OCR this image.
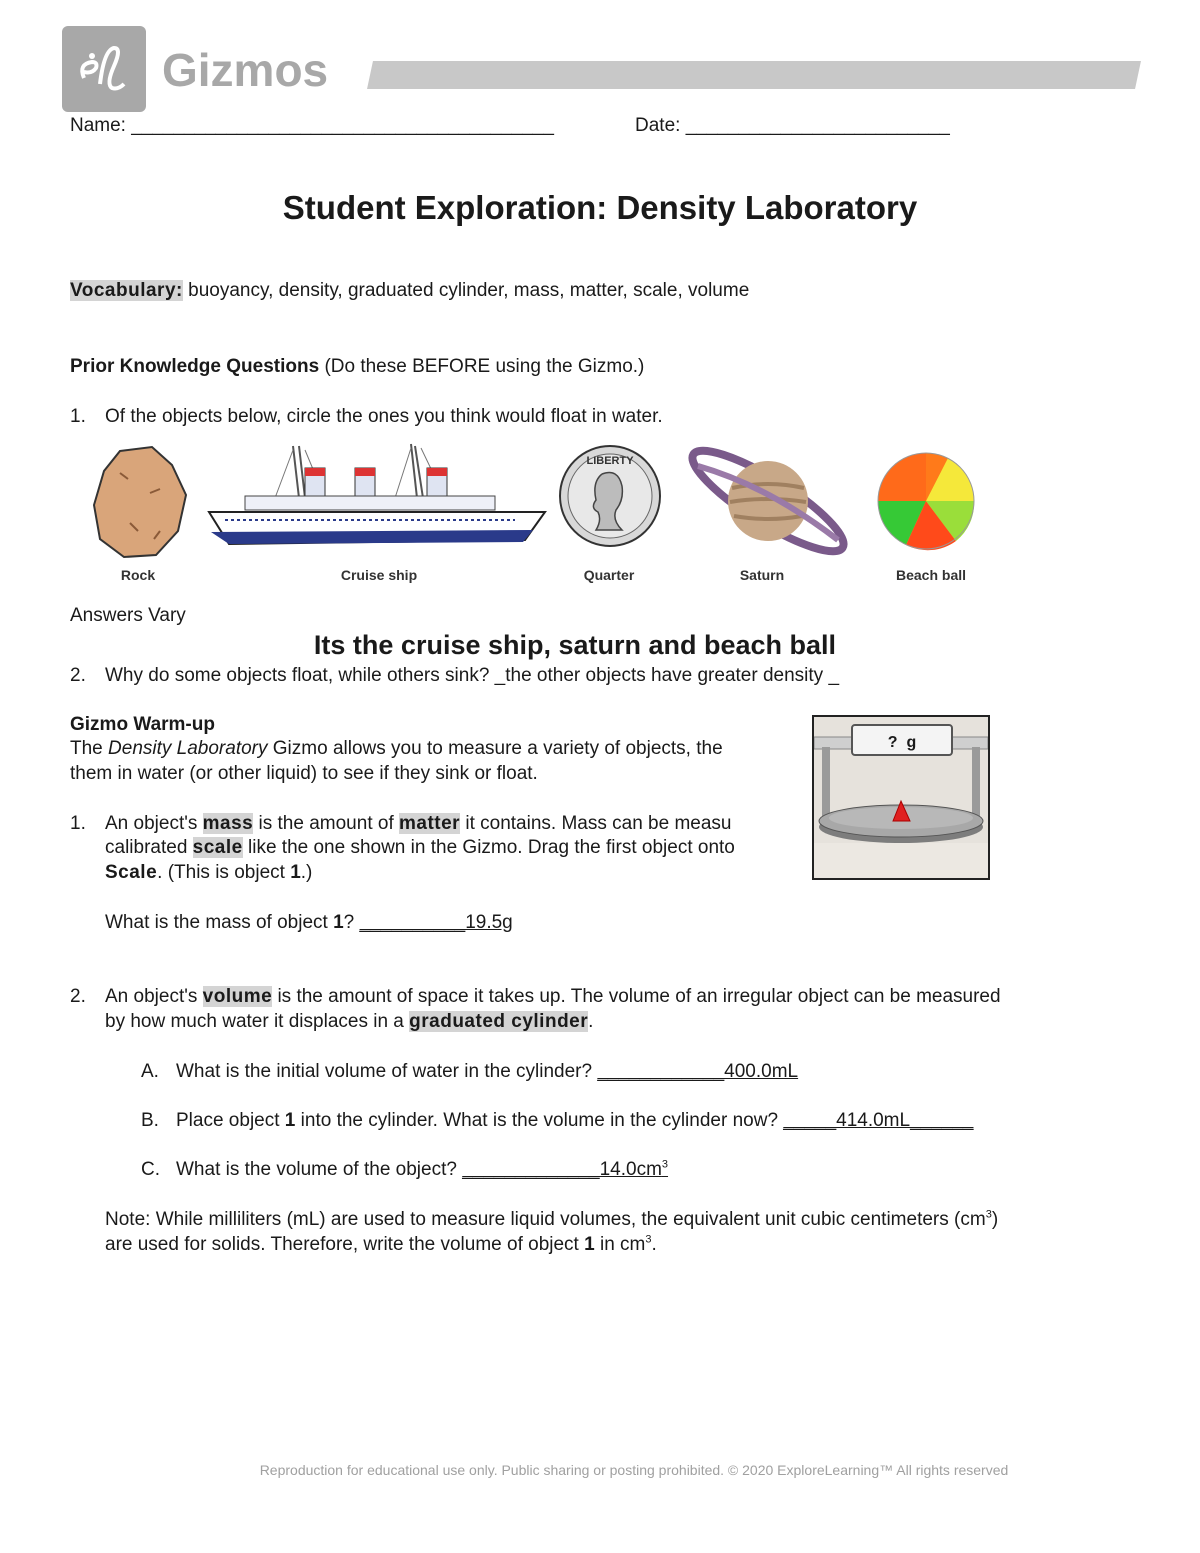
Gizmos
Name: ________________________________________	Date: _________________________
Student Exploration: Density Laboratory
Vocabulary: buoyancy, density, graduated cylinder, mass, matter, scale, volume
Prior Knowledge Questions (Do these BEFORE using the Gizmo.)
1. Of the objects below, circle the ones you think would float in water.
LIBERTY
Rock	Cruise ship	Quarter	Saturn	Beach ball
Answers Vary
Its the cruise ship, saturn and beach ball
2. Why do some objects float, while others sink? _the other objects have greater density _
Gizmo Warm-up
The Density Laboratory Gizmo allows you to measure a variety of objects, the
them in water (or other liquid) to see if they sink or float.
1. An object's mass is the amount of matter it contains. Mass can be measu
calibrated scale like the one shown in the Gizmo. Drag the first object onto
Scale. (This is object 1.)
?  g
What is the mass of object 1? __________19.5g
2. An object's volume is the amount of space it takes up. The volume of an irregular object can be measured
by how much water it displaces in a graduated cylinder.
A. What is the initial volume of water in the cylinder? ____________400.0mL
B. Place object 1 into the cylinder. What is the volume in the cylinder now? _____414.0mL______
C. What is the volume of the object? $\_\_\_\_\_\_\_\_\_\_\_\_\_14.0cm^3$
Note: While milliliters (mL) are used to measure liquid volumes, the equivalent unit cubic centimeters $(cm^3)$
are used for solids. Therefore, write the volume of object 1 in $cm^3$.
Reproduction for educational use only. Public sharing or posting prohibited. © 2020 ExploreLearning™ All rights reserved
